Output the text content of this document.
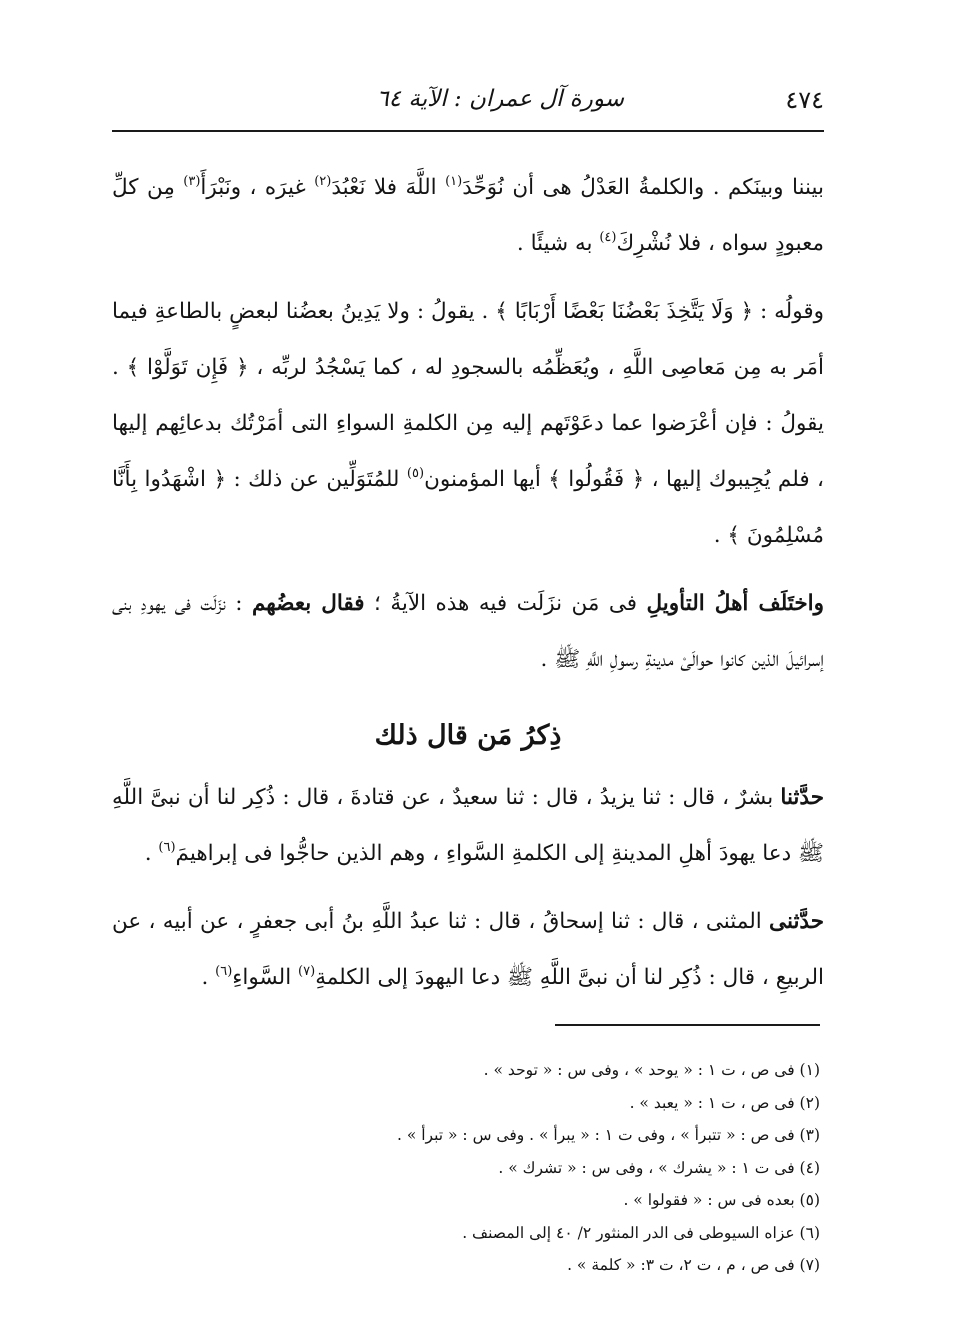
٤٧٤
سورة آل عمران : الآية ٦٤

بيننا وبينَكم . والكلمةُ العَدْلُ هى أن نُوَحِّدَ$^{(١)}$ اللَّهَ فلا نَعْبُدَ$^{(٢)}$ غيرَه ، ونَبْرَأَ$^{(٣)}$ مِن كلِّ معبودٍ سواه ، فلا نُشْرِكَ$^{(٤)}$ به شيئًا .

وقولُه : ﴿ وَلَا يَتَّخِذَ بَعْضُنَا بَعْضًا أَرْبَابًا ﴾ . يقولُ : ولا يَدِينُ بعضُنا لبعضٍ بالطاعةِ فيما أمَر به مِن مَعاصِى اللَّهِ ، ويُعَظِّمُه بالسجودِ له ، كما يَسْجُدُ لربِّه ، ﴿ فَإِن تَوَلَّوْا ﴾ . يقولُ : فإن أعْرَضوا عما دعَوْتَهم إليه مِن الكلمةِ السواءِ التى أمَرْتُك بدعائِهم إليها ، فلم يُجِيبوك إليها ، ﴿ فَقُولُوا ﴾ أيها المؤمنون$^{(٥)}$ للمُتَوَلِّين عن ذلك : ﴿ اشْهَدُوا بِأَنَّا مُسْلِمُونَ ﴾ .

واختَلَف أهلُ التأويلِ فى مَن نزَلَت فيه هذه الآيةُ ؛ فقال بعضُهم : نزَلَت فى يهودِ بنى إسرائيلَ الذين كانوا حوالَىْ مدينةِ رسولِ اللَّهِ ﷺ .

ذِكرُ مَن قال ذلك

حدَّثنا بشرٌ ، قال : ثنا يزيدُ ، قال : ثنا سعيدٌ ، عن قتادةَ ، قال : ذُكِر لنا أن نبىَّ اللَّهِ ﷺ دعا يهودَ أهلِ المدينةِ إلى الكلمةِ السَّواءِ ، وهم الذين حاجُّوا فى إبراهيمَ$^{(٦)}$ .

حدَّثنى المثنى ، قال : ثنا إسحاقُ ، قال : ثنا عبدُ اللَّهِ بنُ أبى جعفرٍ ، عن أبيه ، عن الربيعِ ، قال : ذُكِر لنا أن نبىَّ اللَّهِ ﷺ دعا اليهودَ إلى الكلمةِ$^{(٧)}$ السَّواءِ$^{(٦)}$ .

(١) فى ص ، ت ١ : « يوحد » ، وفى س : « توحد » .
(٢) فى ص ، ت ١ : « يعبد » .
(٣) فى ص : « تتبرأ » ، وفى ت ١ : « يبرأ » . وفى س : « تبرأ » .
(٤) فى ت ١ : « يشرك » ، وفى س : « تشرك » .
(٥) بعده فى س : « فقولوا » .
(٦) عزاه السيوطى فى الدر المنثور ٢/ ٤٠ إلى المصنف .
(٧) فى ص ، م ، ت ٢، ت ٣: « كلمة » .
